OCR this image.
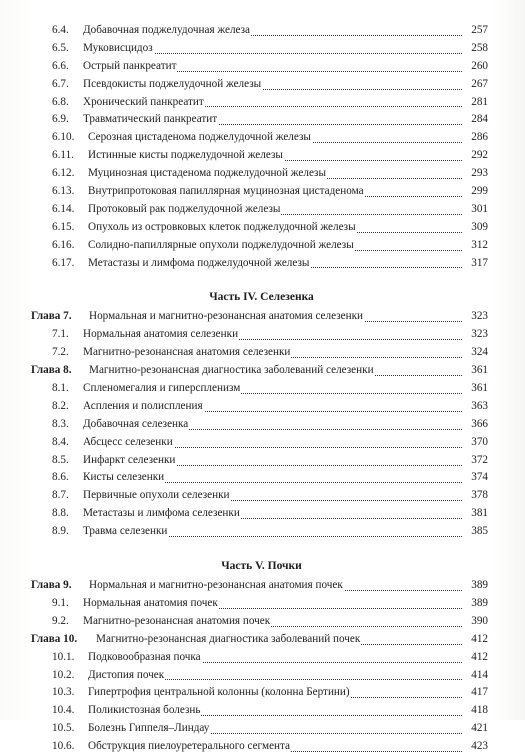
6.4. Добавочная поджелудочная железа	257
6.5. Муковисцидоз	258
6.6. Острый панкреатит	260
6.7. Псевдокисты поджелудочной железы	267
6.8. Хронический панкреатит	281
6.9. Травматический панкреатит	284
6.10. Серозная цистаденома поджелудочной железы	286
6.11. Истинные кисты поджелудочной железы	292
6.12. Муцинозная цистаденома поджелудочной железы	293
6.13. Внутрипротоковая папиллярная муцинозная цистаденома	299
6.14. Протоковый рак поджелудочной железы	301
6.15. Опухоль из островковых клеток поджелудочной железы	309
6.16. Солидно-папиллярные опухоли поджелудочной железы	312
6.17. Метастазы и лимфома поджелудочной железы	317
Часть IV. Селезенка
Глава 7. Нормальная и магнитно-резонансная анатомия селезенки	323
7.1. Нормальная анатомия селезенки	323
7.2. Магнитно-резонансная анатомия селезенки	324
Глава 8. Магнитно-резонансная диагностика заболеваний селезенки	361
8.1. Спленомегалия и гиперспленизм	361
8.2. Аспления и полиспления	363
8.3. Добавочная селезенка	366
8.4. Абсцесс селезенки	370
8.5. Инфаркт селезенки	372
8.6. Кисты селезенки	374
8.7. Первичные опухоли селезенки	378
8.8. Метастазы и лимфома селезенки	381
8.9. Травма селезенки	385
Часть V. Почки
Глава 9. Нормальная и магнитно-резонансная анатомия почек	389
9.1. Нормальная анатомия почек	389
9.2. Магнитно-резонансная анатомия почек	390
Глава 10. Магнитно-резонансная диагностика заболеваний почек	412
10.1. Подковообразная почка	412
10.2. Дистопия почек	414
10.3. Гипертрофия центральной колонны (колонна Бертини)	417
10.4. Поликистозная болезнь	418
10.5. Болезнь Гиппеля–Линдау	421
10.6. Обструкция пиелоуретерального сегмента	423
